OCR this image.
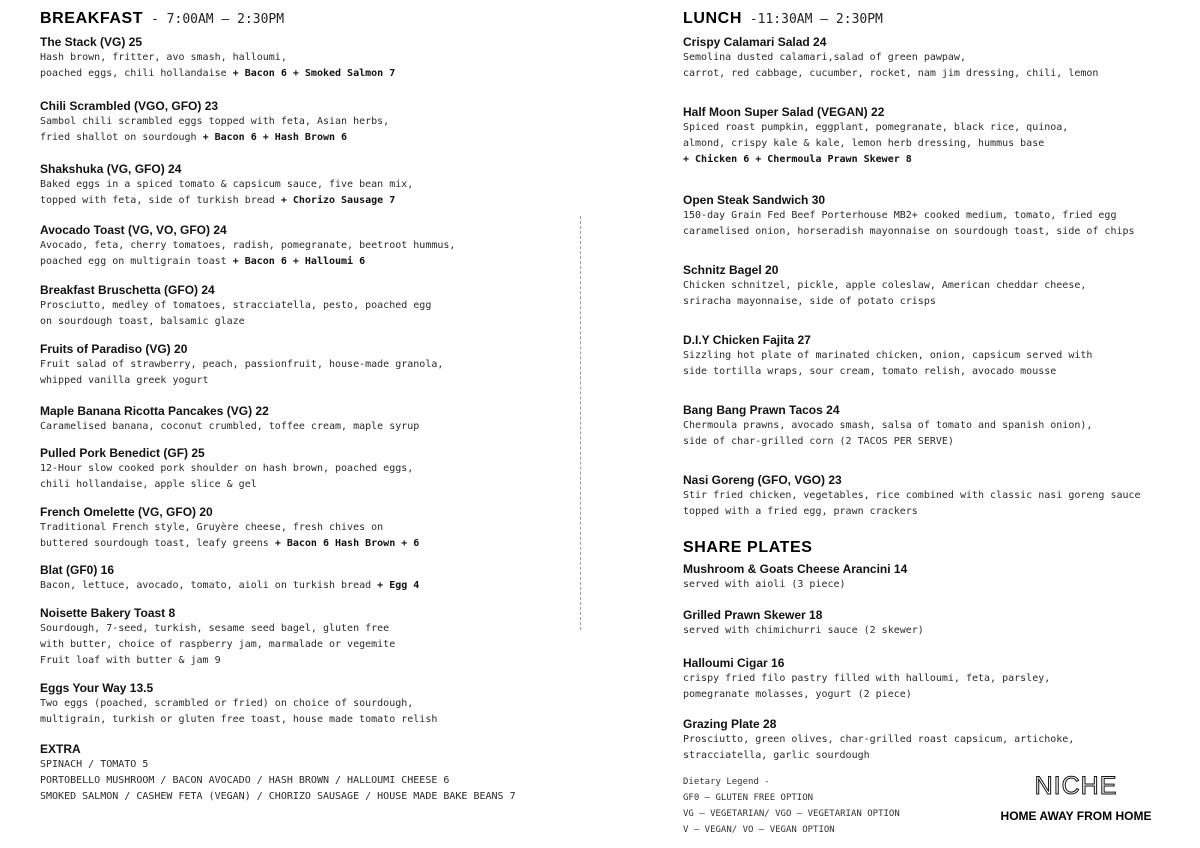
BREAKFAST - 7:00AM – 2:30PM
The Stack (VG) 25
Hash brown, fritter, avo smash, halloumi,
poached eggs, chili hollandaise + Bacon 6 + Smoked Salmon 7
Chili Scrambled (VGO, GFO) 23
Sambol chili scrambled eggs topped with feta, Asian herbs,
fried shallot on sourdough + Bacon 6 + Hash Brown 6
Shakshuka (VG, GFO) 24
Baked eggs in a spiced tomato & capsicum sauce, five bean mix,
topped with feta, side of turkish bread + Chorizo Sausage 7
Avocado Toast (VG, VO, GFO) 24
Avocado, feta, cherry tomatoes, radish, pomegranate, beetroot hummus,
poached egg on multigrain toast + Bacon 6 + Halloumi 6
Breakfast Bruschetta (GFO) 24
Prosciutto, medley of tomatoes, stracciatella, pesto, poached egg
on sourdough toast, balsamic glaze
Fruits of Paradiso (VG) 20
Fruit salad of strawberry, peach, passionfruit, house-made granola,
whipped vanilla greek yogurt
Maple Banana Ricotta Pancakes (VG) 22
Caramelised banana, coconut crumbled, toffee cream, maple syrup
Pulled Pork Benedict (GF) 25
12-Hour slow cooked pork shoulder on hash brown, poached eggs,
chili hollandaise, apple slice & gel
French Omelette (VG, GFO) 20
Traditional French style, Gruyère cheese, fresh chives on
buttered sourdough toast, leafy greens + Bacon 6 Hash Brown + 6
Blat (GF0) 16
Bacon, lettuce, avocado, tomato, aioli on turkish bread + Egg 4
Noisette Bakery Toast 8
Sourdough, 7-seed, turkish, sesame seed bagel, gluten free
with butter, choice of raspberry jam, marmalade or vegemite
Fruit loaf with butter & jam 9
Eggs Your Way 13.5
Two eggs (poached, scrambled or fried) on choice of sourdough,
multigrain, turkish or gluten free toast, house made tomato relish
EXTRA
SPINACH / TOMATO 5
PORTOBELLO MUSHROOM / BACON AVOCADO / HASH BROWN / HALLOUMI CHEESE 6
SMOKED SALMON / CASHEW FETA (VEGAN) / CHORIZO SAUSAGE / HOUSE MADE BAKE BEANS 7
LUNCH -11:30AM – 2:30PM
Crispy Calamari Salad 24
Semolina dusted calamari,salad of green pawpaw,
carrot, red cabbage, cucumber, rocket, nam jim dressing, chili, lemon
Half Moon Super Salad (VEGAN) 22
Spiced roast pumpkin, eggplant, pomegranate, black rice, quinoa,
almond, crispy kale & kale, lemon herb dressing, hummus base
+ Chicken 6 + Chermoula Prawn Skewer 8
Open Steak Sandwich 30
150-day Grain Fed Beef Porterhouse MB2+ cooked medium, tomato, fried egg
caramelised onion, horseradish mayonnaise on sourdough toast, side of chips
Schnitz Bagel 20
Chicken schnitzel, pickle, apple coleslaw, American cheddar cheese,
sriracha mayonnaise, side of potato crisps
D.I.Y Chicken Fajita 27
Sizzling hot plate of marinated chicken, onion, capsicum served with
side tortilla wraps, sour cream, tomato relish, avocado mousse
Bang Bang Prawn Tacos 24
Chermoula prawns, avocado smash, salsa of tomato and spanish onion),
side of char-grilled corn (2 TACOS PER SERVE)
Nasi Goreng (GFO, VGO) 23
Stir fried chicken, vegetables, rice combined with classic nasi goreng sauce
topped with a fried egg, prawn crackers
SHARE PLATES
Mushroom & Goats Cheese Arancini 14
served with aioli (3 piece)
Grilled Prawn Skewer 18
served with chimichurri sauce (2 skewer)
Halloumi Cigar 16
crispy fried filo pastry filled with halloumi, feta, parsley,
pomegranate molasses, yogurt (2 piece)
Grazing Plate 28
Prosciutto, green olives, char-grilled roast capsicum, artichoke,
stracciatella, garlic sourdough
Dietary Legend -
GF0 – GLUTEN FREE OPTION
VG – VEGETARIAN/ VGO – VEGETARIAN OPTION
V – VEGAN/ VO – VEGAN OPTION
NICHE
HOME AWAY FROM HOME
